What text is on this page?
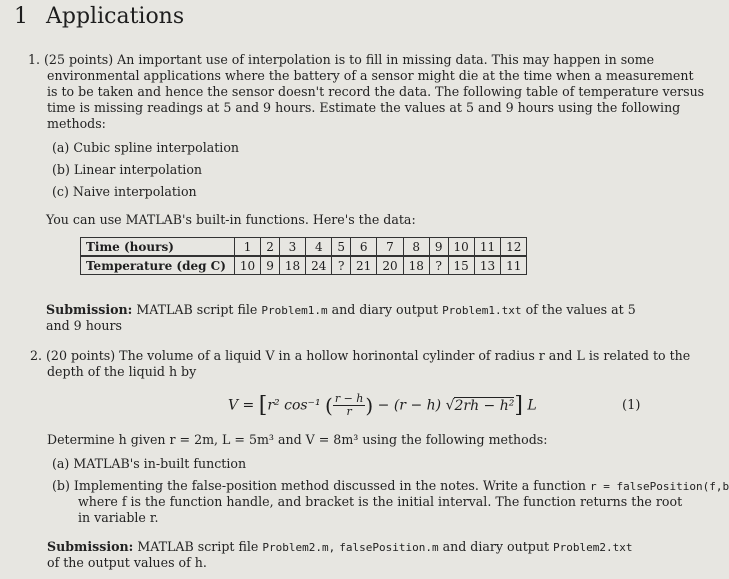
1 Applications
1. (25 points) An important use of interpolation is to fill in missing data. This may happen in some
environmental applications where the battery of a sensor might die at the time when a measurement
is to be taken and hence the sensor doesn't record the data. The following table of temperature versus
time is missing readings at 5 and 9 hours. Estimate the values at 5 and 9 hours using the following
methods:
(a) Cubic spline interpolation
(b) Linear interpolation
(c) Naive interpolation
You can use MATLAB's built-in functions. Here's the data:
Time (hours)	1	2	3	4	5	6	7	8	9	10	11	12
Temperature (deg C)	10	9	18	24	?	21	20	18	?	15	13	11
Submission: MATLAB script file Problem1.m and diary output Problem1.txt of the values at 5
and 9 hours
2. (20 points) The volume of a liquid V in a hollow horinontal cylinder of radius r and L is related to the
depth of the liquid h by
V = [r² cos⁻¹ ( $\frac{r - h}{r}) - (r - h)$ √2rh − h²] L	(1)
Determine h given r = 2m, L = 5m³ and V = 8m³ using the following methods:
(a) MATLAB's in-built function
(b) Implementing the false-position method discussed in the notes. Write a function r = falsePosition(f,b
where f is the function handle, and bracket is the initial interval. The function returns the root
in variable r.
Submission: MATLAB script file Problem2.m, falsePosition.m and diary output Problem2.txt
of the output values of h.
